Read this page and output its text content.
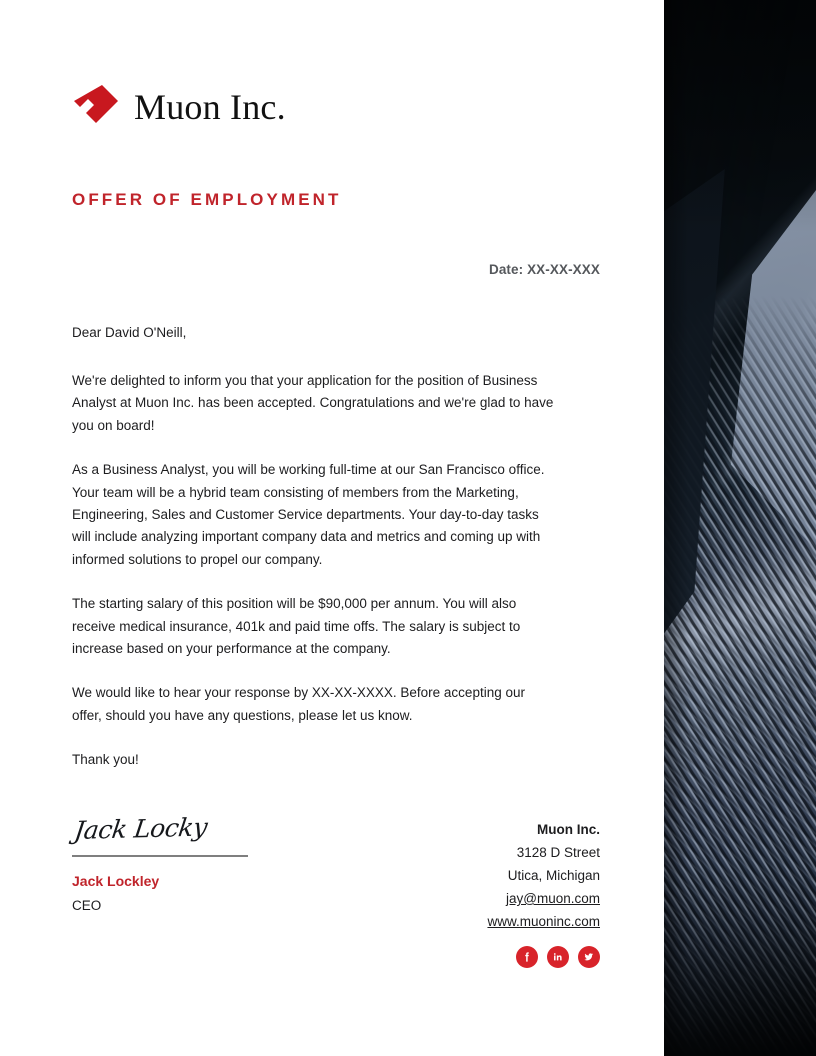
Muon Inc.
OFFER OF EMPLOYMENT
Date: XX-XX-XXX
Dear David O'Neill,

We're delighted to inform you that your application for the position of Business Analyst at Muon Inc. has been accepted. Congratulations and we're glad to have you on board!

As a Business Analyst, you will be working full-time at our San Francisco office. Your team will be a hybrid team consisting of members from the Marketing, Engineering, Sales and Customer Service departments. Your day-to-day tasks will include analyzing important company data and metrics and coming up with informed solutions to propel our company.

The starting salary of this position will be $90,000 per annum. You will also receive medical insurance, 401k and paid time offs. The salary is subject to increase based on your performance at the company.

We would like to hear your response by XX-XX-XXXX. Before accepting our offer, should you have any questions, please let us know.

Thank you!

Jack Locky
Jack Lockley
CEO
Muon Inc.
3128 D Street
Utica, Michigan
jay@muon.com
www.muoninc.com
